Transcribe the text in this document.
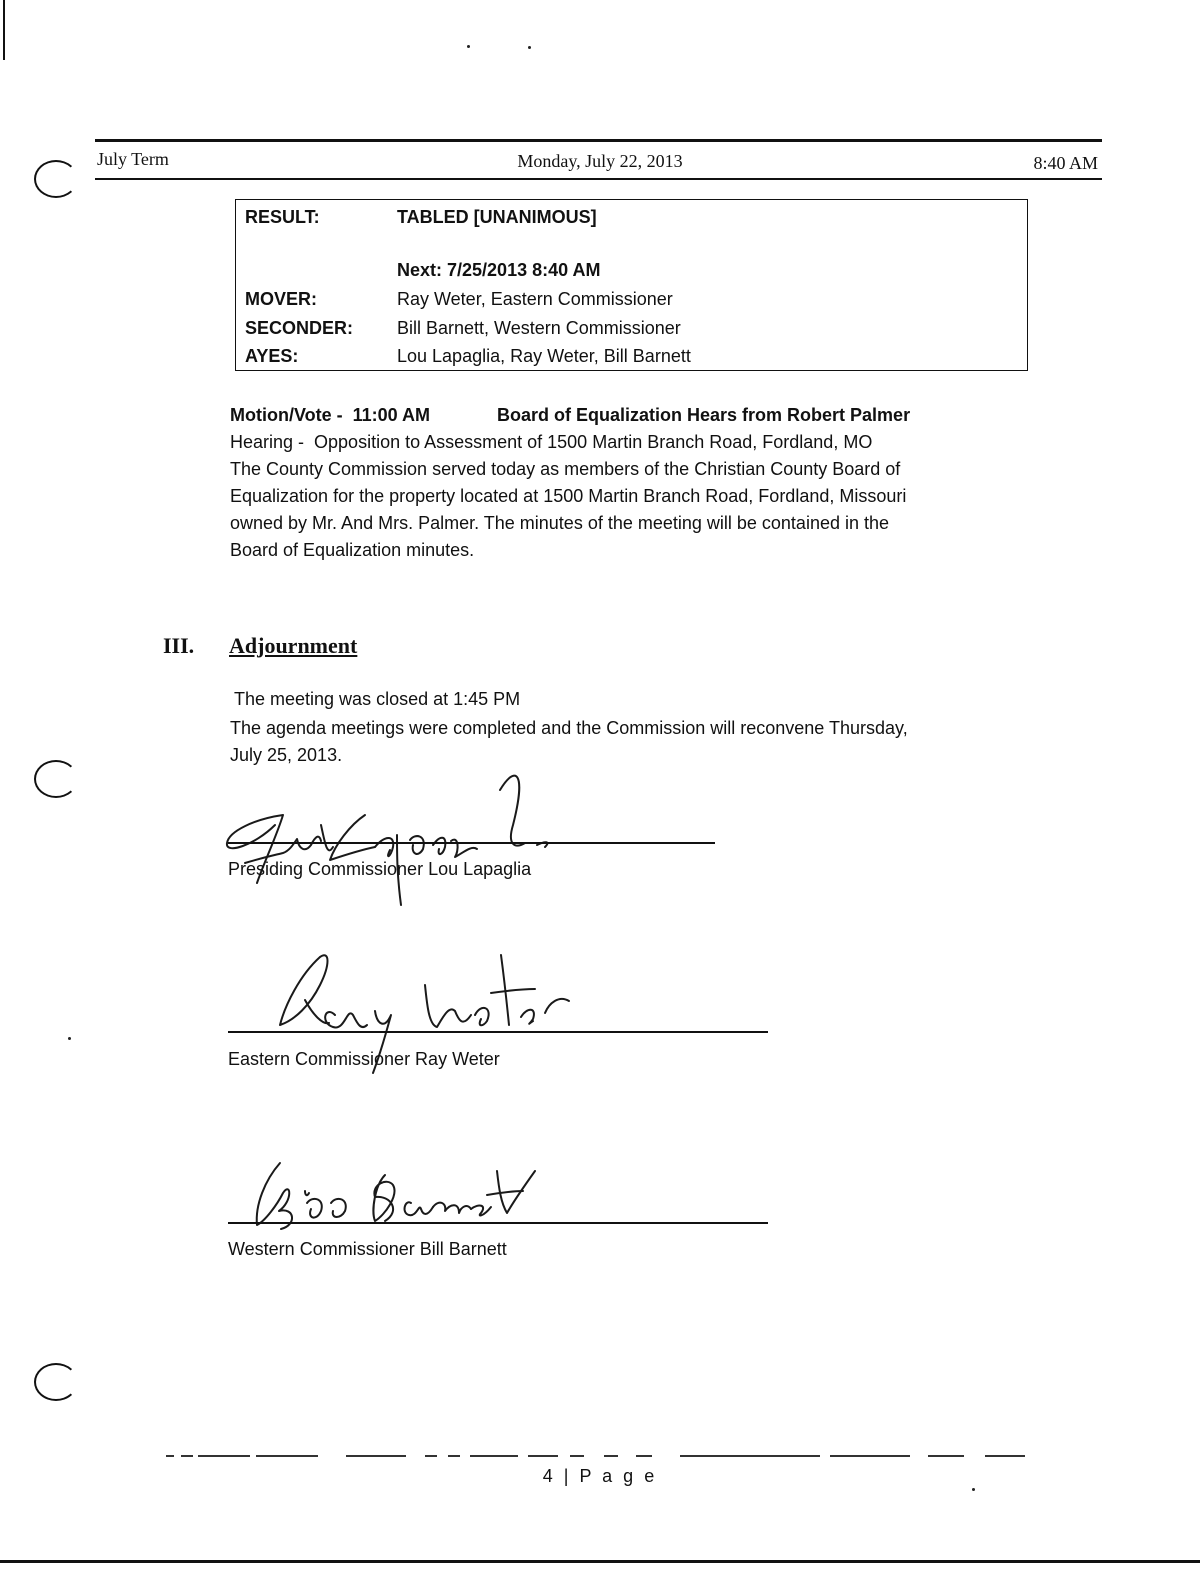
July Term	Monday, July 22, 2013	8:40 AM
RESULT:	TABLED [UNANIMOUS]
Next: 7/25/2013 8:40 AM
MOVER:	Ray Weter, Eastern Commissioner
SECONDER: Bill Barnett, Western Commissioner
AYES:	Lou Lapaglia, Ray Weter, Bill Barnett
Motion/Vote -  11:00 AM	Board of Equalization Hears from Robert Palmer
Hearing -  Opposition to Assessment of 1500 Martin Branch Road, Fordland, MO
The County Commission served today as members of the Christian County Board of
Equalization for the property located at 1500 Martin Branch Road, Fordland, Missouri
owned by Mr. And Mrs. Palmer. The minutes of the meeting will be contained in the
Board of Equalization minutes.
III. Adjournment
The meeting was closed at 1:45 PM
The agenda meetings were completed and the Commission will reconvene Thursday,
July 25, 2013.
Presiding Commissioner Lou Lapaglia
Eastern Commissioner Ray Weter
Western Commissioner Bill Barnett
4 | P a g e
